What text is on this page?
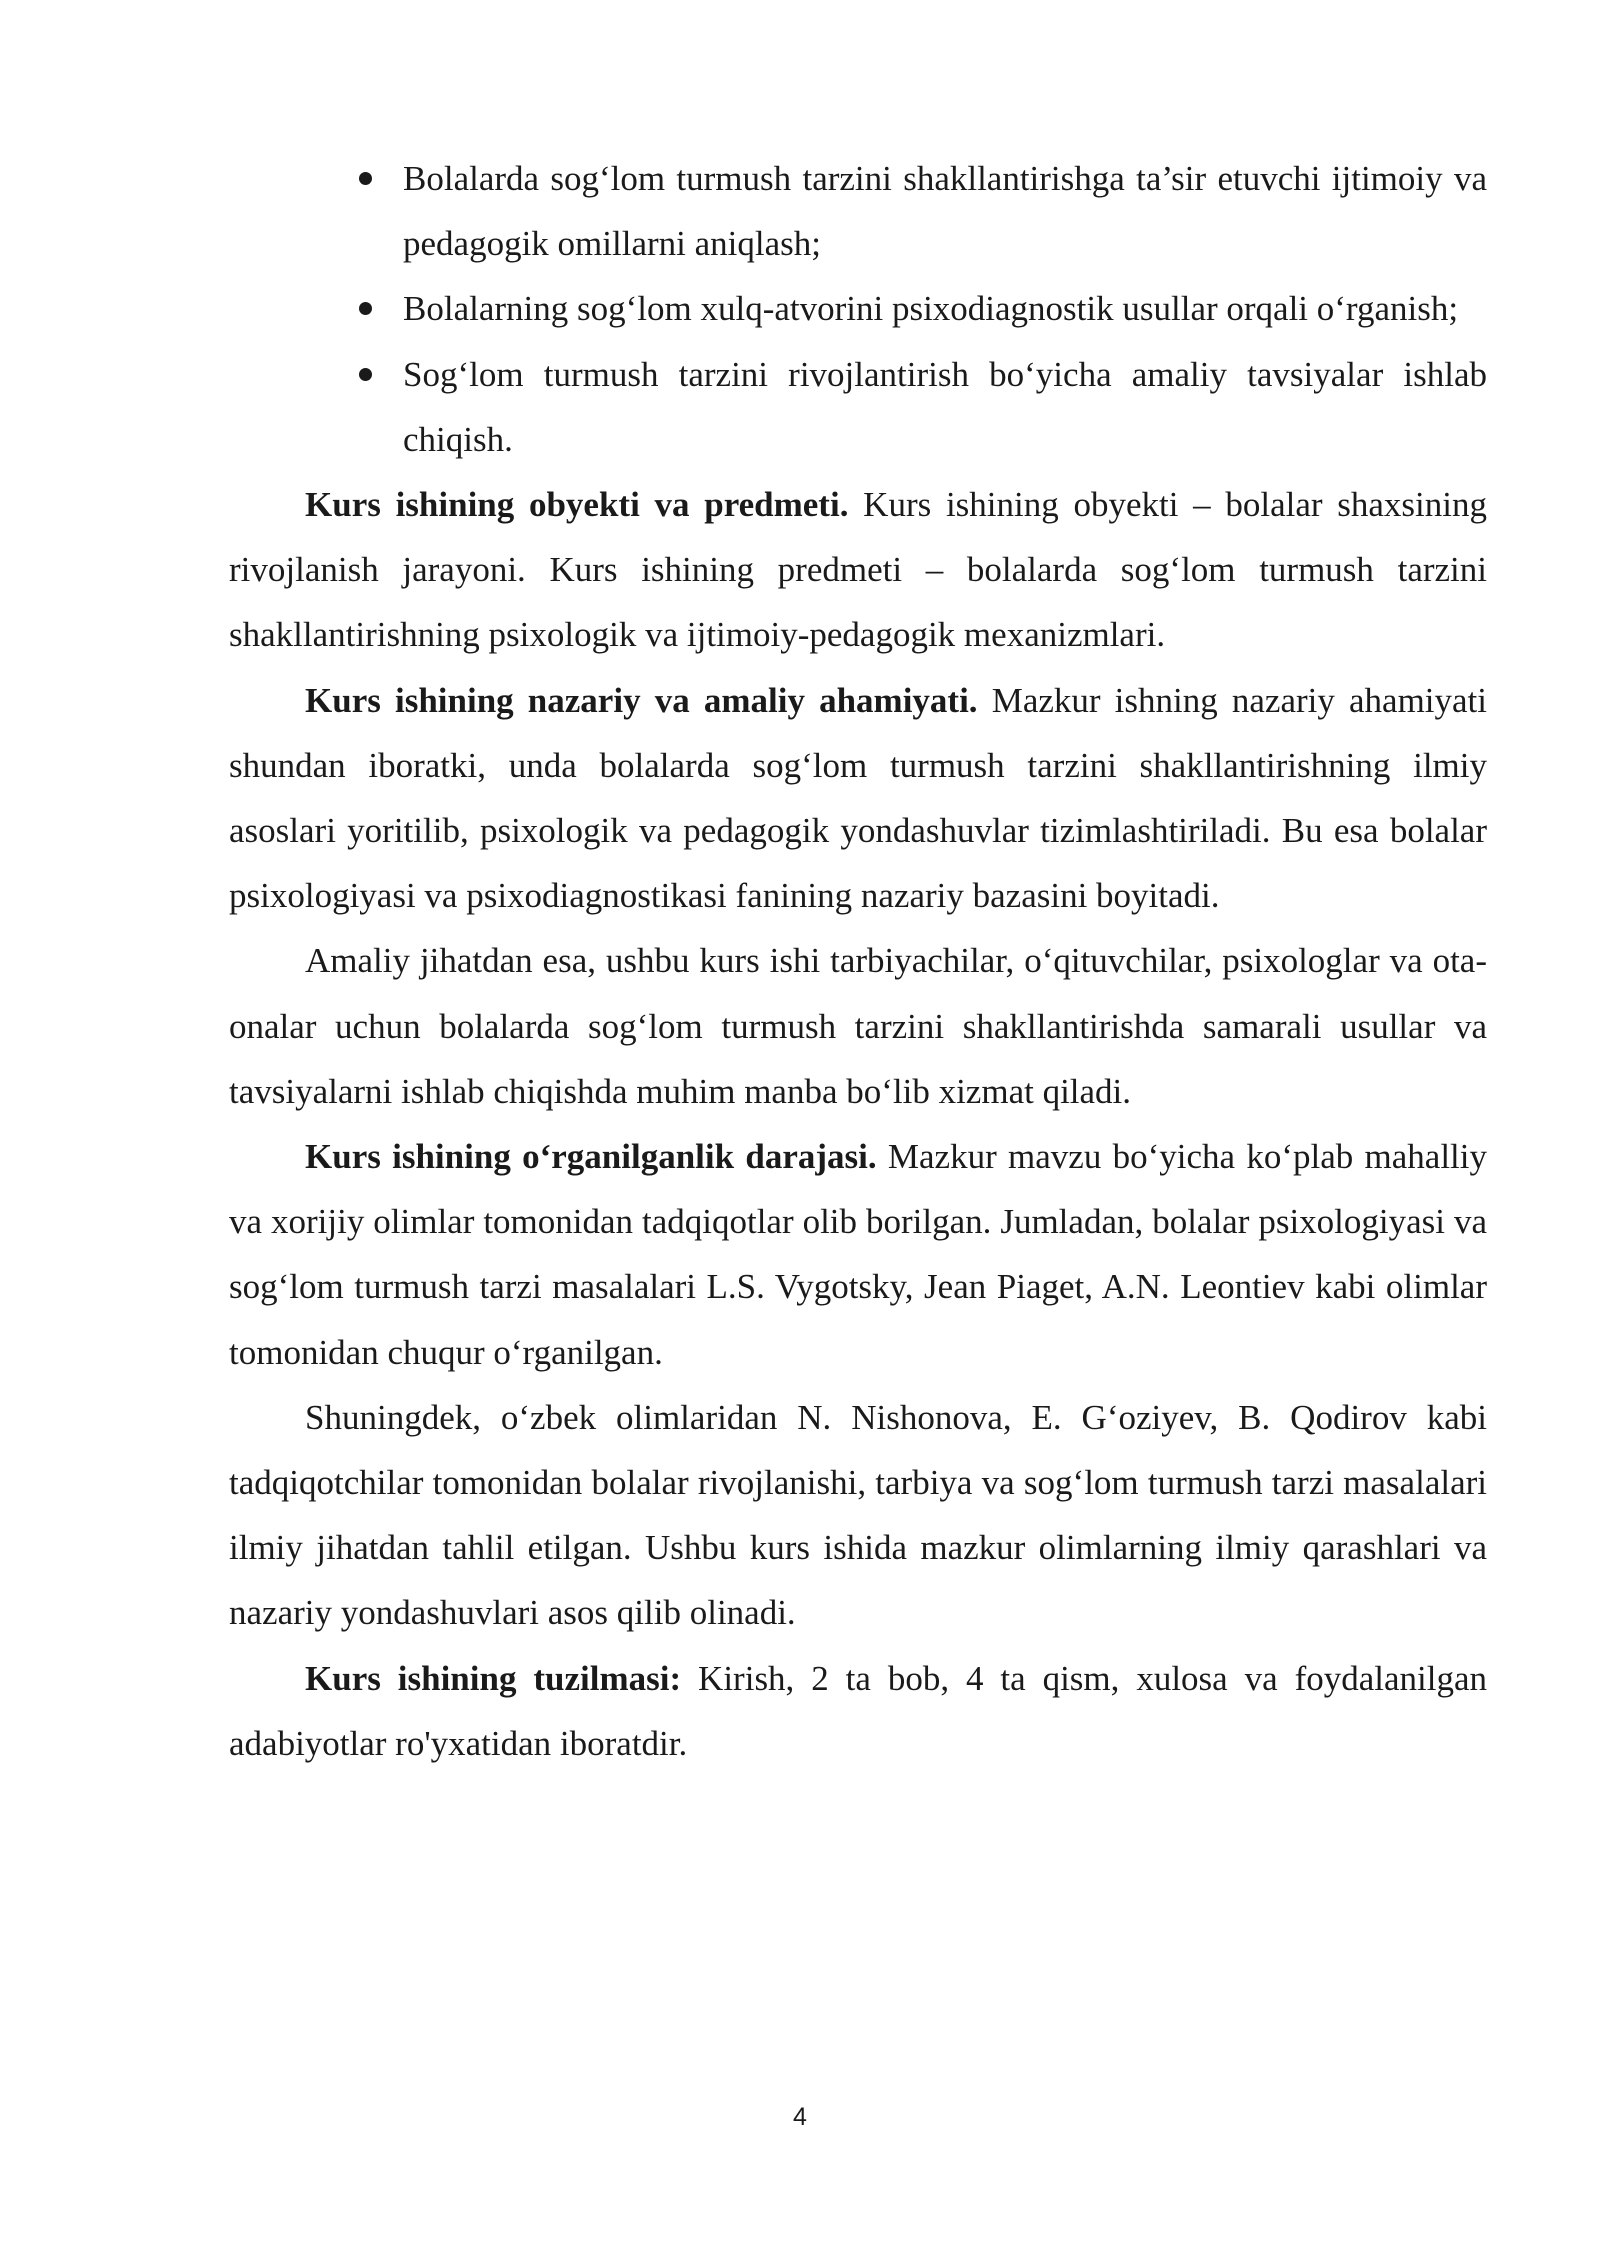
Bolalarda sog‘lom turmush tarzini shakllantirishga ta’sir etuvchi ijtimoiy va pedagogik omillarni aniqlash;
Bolalarning sog‘lom xulq-atvorini psixodiagnostik usullar orqali o‘rganish;
Sog‘lom turmush tarzini rivojlantirish bo‘yicha amaliy tavsiyalar ishlab chiqish.

Kurs ishining obyekti va predmeti. Kurs ishining obyekti – bolalar shaxsining rivojlanish jarayoni. Kurs ishining predmeti – bolalarda sog‘lom turmush tarzini shakllantirishning psixologik va ijtimoiy-pedagogik mexanizmlari.

Kurs ishining nazariy va amaliy ahamiyati. Mazkur ishning nazariy ahamiyati shundan iboratki, unda bolalarda sog‘lom turmush tarzini shakllantirishning ilmiy asoslari yoritilib, psixologik va pedagogik yondashuvlar tizimlashtiriladi. Bu esa bolalar psixologiyasi va psixodiagnostikasi fanining nazariy bazasini boyitadi.

Amaliy jihatdan esa, ushbu kurs ishi tarbiyachilar, o‘qituvchilar, psixologlar va ota-onalar uchun bolalarda sog‘lom turmush tarzini shakllantirishda samarali usullar va tavsiyalarni ishlab chiqishda muhim manba bo‘lib xizmat qiladi.

Kurs ishining o‘rganilganlik darajasi. Mazkur mavzu bo‘yicha ko‘plab mahalliy va xorijiy olimlar tomonidan tadqiqotlar olib borilgan. Jumladan, bolalar psixologiyasi va sog‘lom turmush tarzi masalalari L.S. Vygotsky, Jean Piaget, A.N. Leontiev kabi olimlar tomonidan chuqur o‘rganilgan.

Shuningdek, o‘zbek olimlaridan N. Nishonova, E. G‘oziyev, B. Qodirov kabi tadqiqotchilar tomonidan bolalar rivojlanishi, tarbiya va sog‘lom turmush tarzi masalalari ilmiy jihatdan tahlil etilgan. Ushbu kurs ishida mazkur olimlarning ilmiy qarashlari va nazariy yondashuvlari asos qilib olinadi.

Kurs ishining tuzilmasi: Kirish, 2 ta bob, 4 ta qism, xulosa va foydalanilgan adabiyotlar ro'yxatidan iboratdir.

4
